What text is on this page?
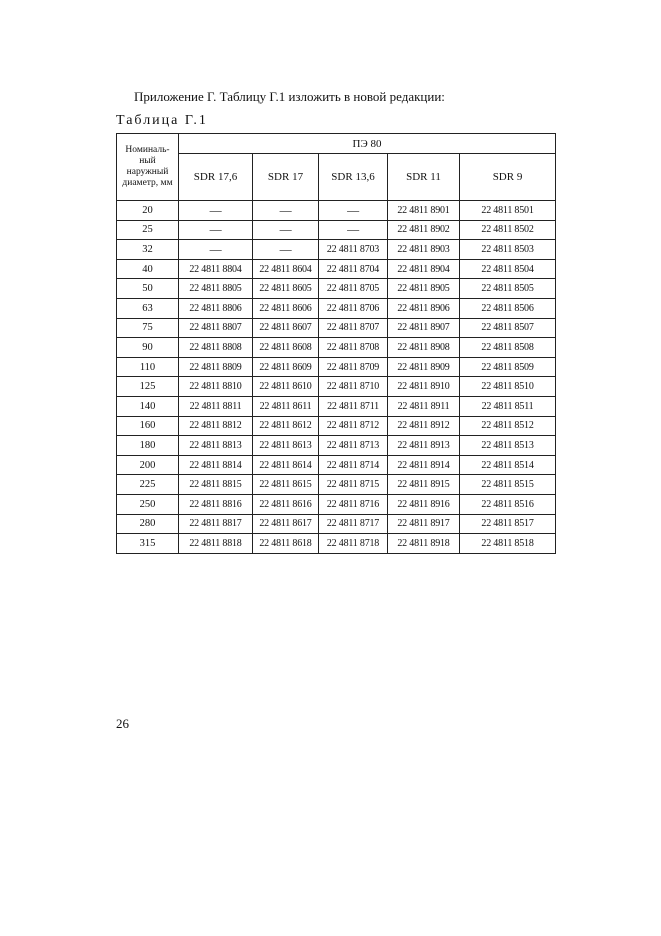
Приложение Г. Таблицу Г.1 изложить в новой редакции:
Таблица Г.1
Номиналь-ный наружный диаметр, мм	ПЭ 80				
	SDR 17,6	SDR 17	SDR 13,6	SDR 11	SDR 9
20	—	—	—	22 4811 8901	22 4811 8501
25	—	—	—	22 4811 8902	22 4811 8502
32	—	—	22 4811 8703	22 4811 8903	22 4811 8503
40	22 4811 8804	22 4811 8604	22 4811 8704	22 4811 8904	22 4811 8504
50	22 4811 8805	22 4811 8605	22 4811 8705	22 4811 8905	22 4811 8505
63	22 4811 8806	22 4811 8606	22 4811 8706	22 4811 8906	22 4811 8506
75	22 4811 8807	22 4811 8607	22 4811 8707	22 4811 8907	22 4811 8507
90	22 4811 8808	22 4811 8608	22 4811 8708	22 4811 8908	22 4811 8508
110	22 4811 8809	22 4811 8609	22 4811 8709	22 4811 8909	22 4811 8509
125	22 4811 8810	22 4811 8610	22 4811 8710	22 4811 8910	22 4811 8510
140	22 4811 8811	22 4811 8611	22 4811 8711	22 4811 8911	22 4811 8511
160	22 4811 8812	22 4811 8612	22 4811 8712	22 4811 8912	22 4811 8512
180	22 4811 8813	22 4811 8613	22 4811 8713	22 4811 8913	22 4811 8513
200	22 4811 8814	22 4811 8614	22 4811 8714	22 4811 8914	22 4811 8514
225	22 4811 8815	22 4811 8615	22 4811 8715	22 4811 8915	22 4811 8515
250	22 4811 8816	22 4811 8616	22 4811 8716	22 4811 8916	22 4811 8516
280	22 4811 8817	22 4811 8617	22 4811 8717	22 4811 8917	22 4811 8517
315	22 4811 8818	22 4811 8618	22 4811 8718	22 4811 8918	22 4811 8518
26
